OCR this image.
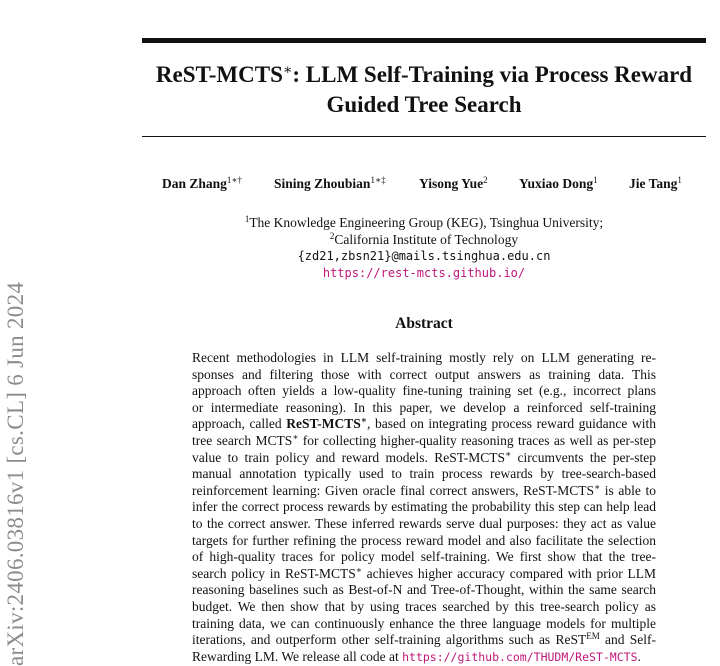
ReST-MCTS∗: LLM Self-Training via Process Reward
Guided Tree Search
Dan Zhang$^{1∗\dagger}$ Sining Zhoubian$^{1∗\ddagger}$ Yisong Yue$^2$ Yuxiao Dong$^1$ Jie Tang$^1$
$^1$The Knowledge Engineering Group (KEG), Tsinghua University;
$^2$California Institute of Technology
{zd21,zbsn21}@mails.tsinghua.edu.cn
https://rest-mcts.github.io/
Abstract
Recent methodologies in LLM self-training mostly rely on LLM generating re-
sponses and filtering those with correct output answers as training data. This
approach often yields a low-quality fine-tuning training set (e.g., incorrect plans
or intermediate reasoning). In this paper, we develop a reinforced self-training
approach, called ReST-MCTS∗, based on integrating process reward guidance with
tree search MCTS∗ for collecting higher-quality reasoning traces as well as per-step
value to train policy and reward models. ReST-MCTS∗ circumvents the per-step
manual annotation typically used to train process rewards by tree-search-based
reinforcement learning: Given oracle final correct answers, ReST-MCTS∗ is able to
infer the correct process rewards by estimating the probability this step can help lead
to the correct answer. These inferred rewards serve dual purposes: they act as value
targets for further refining the process reward model and also facilitate the selection
of high-quality traces for policy model self-training. We first show that the tree-
search policy in ReST-MCTS∗ achieves higher accuracy compared with prior LLM
reasoning baselines such as Best-of-N and Tree-of-Thought, within the same search
budget. We then show that by using traces searched by this tree-search policy as
training data, we can continuously enhance the three language models for multiple
iterations, and outperform other self-training algorithms such as ReST$^{EM}$ and Self-
Rewarding LM. We release all code at https://github.com/THUDM/ReST-MCTS.
arXiv:2406.03816v1 [cs.CL] 6 Jun 2024
